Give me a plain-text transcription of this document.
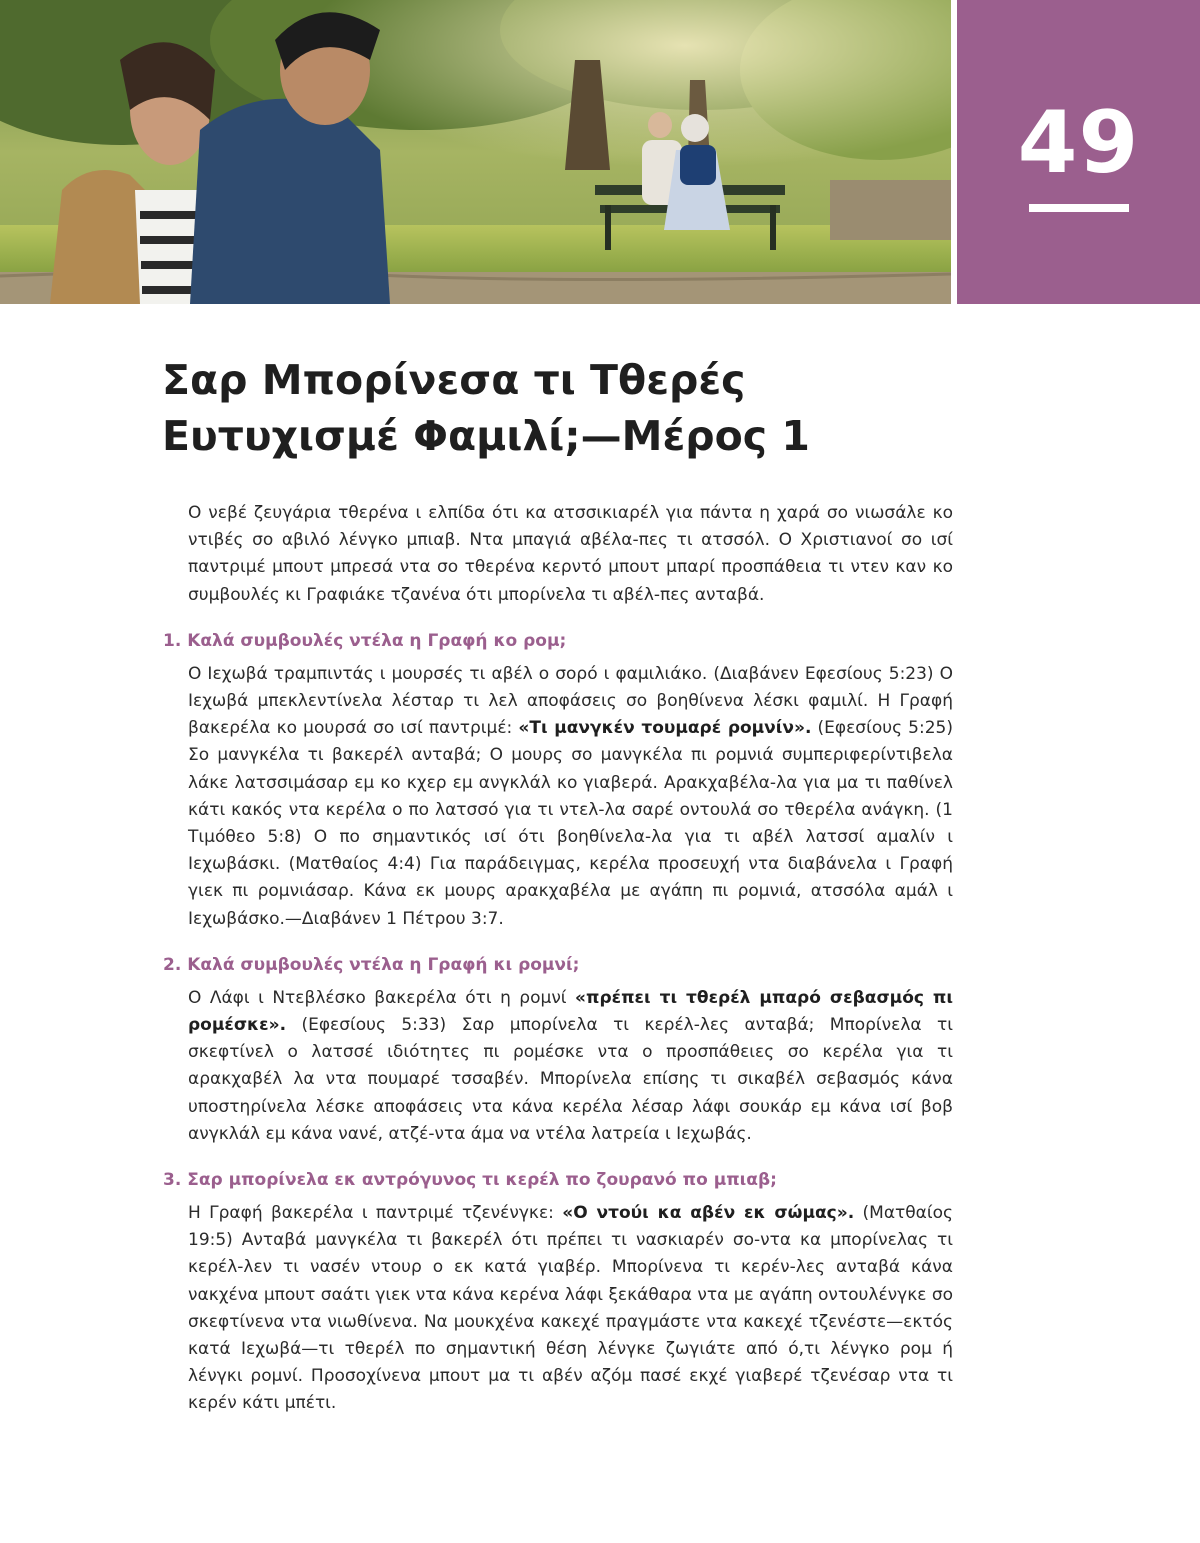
49
Σαρ Μπορίνεσα τι Τθερές
Ευτυχισμέ Φαμιλί;—Μέρος 1

Ο νεβέ ζευγάρια τθερένα ι ελπίδα ότι κα ατσσικιαρέλ για πάντα η χαρά σο νιωσάλε κο ντιβές σο αβιλό λένγκο μπιαβ. Ντα μπαγιά αβέλα-πες τι ατσσόλ. Ο Χριστιανοί σο ισί παντριμέ μπουτ μπρεσά ντα σο τθερένα κερντό μπουτ μπαρί προσπάθεια τι ντεν καν κο συμβουλές κι Γραφιάκε τζανένα ότι μπορίνελα τι αβέλ-πες ανταβά.

1. Καλά συμβουλές ντέλα η Γραφή κο ρομ;

Ο Ιεχωβά τραμπιντάς ι μουρσές τι αβέλ ο σορό ι φαμιλιάκο. (Διαβάνεν Εφεσίους 5:23) Ο Ιεχωβά μπεκλεντίνελα λέσταρ τι λελ αποφάσεις σο βοηθίνενα λέσκι φαμιλί. Η Γραφή βακερέλα κο μουρσά σο ισί παντριμέ: «Τι μανγκέν τουμαρέ ρομνίν». (Εφεσίους 5:25) Σο μανγκέλα τι βακερέλ ανταβά; Ο μουρς σο μανγκέλα πι ρομνιά συμπεριφερίντιβελα λάκε λατσσιμάσαρ εμ κο κχερ εμ ανγκλάλ κο γιαβερά. Αρακχαβέλα-λα για μα τι παθίνελ κάτι κακός ντα κερέλα ο πο λατσσό για τι ντελ-λα σαρέ οντουλά σο τθερέλα ανάγκη. (1 Τιμόθεο 5:8) Ο πο σημαντικός ισί ότι βοηθίνελα-λα για τι αβέλ λατσσί αμαλίν ι Ιεχωβάσκι. (Ματθαίος 4:4) Για παράδειγμας, κερέλα προσευχή ντα διαβάνελα ι Γραφή γιεκ πι ρομνιάσαρ. Κάνα εκ μουρς αρακχαβέλα με αγάπη πι ρομνιά, ατσσόλα αμάλ ι Ιεχωβάσκο.—Διαβάνεν 1 Πέτρου 3:7.

2. Καλά συμβουλές ντέλα η Γραφή κι ρομνί;

Ο Λάφι ι Ντεβλέσκο βακερέλα ότι η ρομνί «πρέπει τι τθερέλ μπαρό σεβασμός πι ρομέσκε». (Εφεσίους 5:33) Σαρ μπορίνελα τι κερέλ-λες ανταβά; Μπορίνελα τι σκεφτίνελ ο λατσσέ ιδιότητες πι ρομέσκε ντα ο προσπάθειες σο κερέλα για τι αρακχαβέλ λα ντα πουμαρέ τσσαβέν. Μπορίνελα επίσης τι σικαβέλ σεβασμός κάνα υποστηρίνελα λέσκε αποφάσεις ντα κάνα κερέλα λέσαρ λάφι σουκάρ εμ κάνα ισί βοβ ανγκλάλ εμ κάνα νανέ, ατζέ-ντα άμα να ντέλα λατρεία ι Ιεχωβάς.

3. Σαρ μπορίνελα εκ αντρόγυνος τι κερέλ πο ζουρανό πο μπιαβ;

Η Γραφή βακερέλα ι παντριμέ τζενένγκε: «Ο ντούι κα αβέν εκ σώμας». (Ματθαίος 19:5) Ανταβά μανγκέλα τι βακερέλ ότι πρέπει τι νασκιαρέν σο-ντα κα μπορίνελας τι κερέλ-λεν τι νασέν ντουρ ο εκ κατά γιαβέρ. Μπορίνενα τι κερέν-λες ανταβά κάνα νακχένα μπουτ σαάτι γιεκ ντα κάνα κερένα λάφι ξεκάθαρα ντα με αγάπη οντουλένγκε σο σκεφτίνενα ντα νιωθίνενα. Να μουκχένα κακεχέ πραγμάστε ντα κακεχέ τζενέστε—εκτός κατά Ιεχωβά—τι τθερέλ πο σημαντική θέση λένγκε ζωγιάτε από ό,τι λένγκο ρομ ή λένγκι ρομνί. Προσοχίνενα μπουτ μα τι αβέν αζόμ πασέ εκχέ γιαβερέ τζενέσαρ ντα τι κερέν κάτι μπέτι.
